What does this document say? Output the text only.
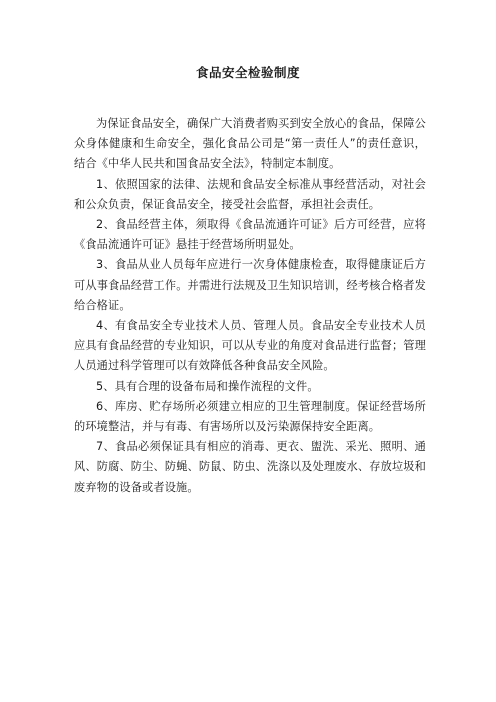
食品安全检验制度

为保证食品安全，确保广大消费者购买到安全放心的食品，保障公众身体健康和生命安全，强化食品公司是“第一责任人”的责任意识，结合《中华人民共和国食品安全法》，特制定本制度。

1、依照国家的法律、法规和食品安全标准从事经营活动，对社会和公众负责，保证食品安全，接受社会监督，承担社会责任。

2、食品经营主体，须取得《食品流通许可证》后方可经营，应将《食品流通许可证》悬挂于经营场所明显处。

3、食品从业人员每年应进行一次身体健康检查，取得健康证后方可从事食品经营工作。并需进行法规及卫生知识培训，经考核合格者发给合格证。

4、有食品安全专业技术人员、管理人员。食品安全专业技术人员应具有食品经营的专业知识，可以从专业的角度对食品进行监督；管理人员通过科学管理可以有效降低各种食品安全风险。

5、具有合理的设备布局和操作流程的文件。

6、库房、贮存场所必须建立相应的卫生管理制度。保证经营场所的环境整洁，并与有毒、有害场所以及污染源保持安全距离。

7、食品必须保证具有相应的消毒、更衣、盥洗、采光、照明、通风、防腐、防尘、防蝇、防鼠、防虫、洗涤以及处理废水、存放垃圾和废弃物的设备或者设施。
